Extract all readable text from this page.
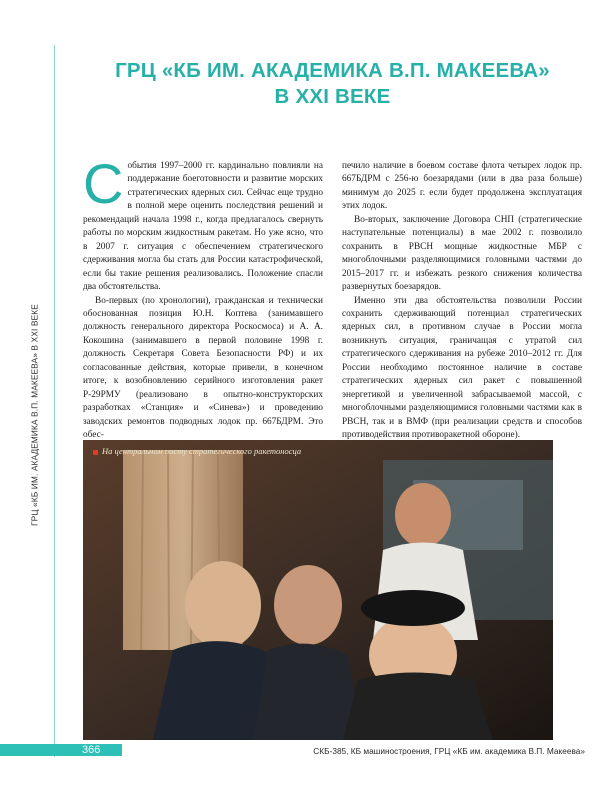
ГРЦ «КБ ИМ. АКАДЕМИКА В.П. МАКЕЕВА» В XXI ВЕКЕ
ГРЦ «КБ ИМ. АКАДЕМИКА В.П. МАКЕЕВА»
В XXI ВЕКЕ

События 1997–2000 гг. кардинально повлияли на поддержание боеготовности и развитие морских стратегических ядерных сил. Сейчас еще трудно в полной мере оценить последствия решений и рекомендаций начала 1998 г., когда предлагалось свернуть работы по морским жидкостным ракетам. Но уже ясно, что в 2007 г. ситуация с обеспечением стратегического сдерживания могла бы стать для России катастрофической, если бы такие решения реализовались. Положение спасли два обстоятельства.

Во-первых (по хронологии), гражданская и технически обоснованная позиция Ю.Н. Коптева (занимавшего должность генерального директора Роскосмоса) и А. А. Кокошина (занимавшего в первой половине 1998 г. должность Секретаря Совета Безопасности РФ) и их согласованные действия, которые привели, в конечном итоге, к возобновлению серийного изготовления ракет Р-29РМУ (реализовано в опытно-конструкторских разработках «Станция» и «Синева») и проведению заводских ремонтов подводных лодок пр. 667БДРМ. Это обес-

печило наличие в боевом составе флота четырех лодок пр. 667БДРМ с 256-ю боезарядами (или в два раза больше) минимум до 2025 г. если будет продолжена эксплуатация этих лодок.

Во-вторых, заключение Договора СНП (стратегические наступательные потенциалы) в мае 2002 г. позволило сохранить в РВСН мощные жидкостные МБР с многоблочными разделяющимися головными частями до 2015–2017 гг. и избежать резкого снижения количества развернутых боезарядов.

Именно эти два обстоятельства позволили России сохранить сдерживающий потенциал стратегических ядерных сил, в противном случае в России могла возникнуть ситуация, граничащая с утратой сил стратегического сдерживания на рубеже 2010–2012 гг. Для России необходимо постоянное наличие в составе стратегических ядерных сил ракет с повышенной энергетикой и увеличенной забрасываемой массой, с многоблочными разделяющимися головными частями как в РВСН, так и в ВМФ (при реализации средств и способов противодействия противоракетной обороне).

На центральном посту стратегического ракетоносца
366	СКБ-385, КБ машиностроения, ГРЦ «КБ им. академика В.П. Макеева»
